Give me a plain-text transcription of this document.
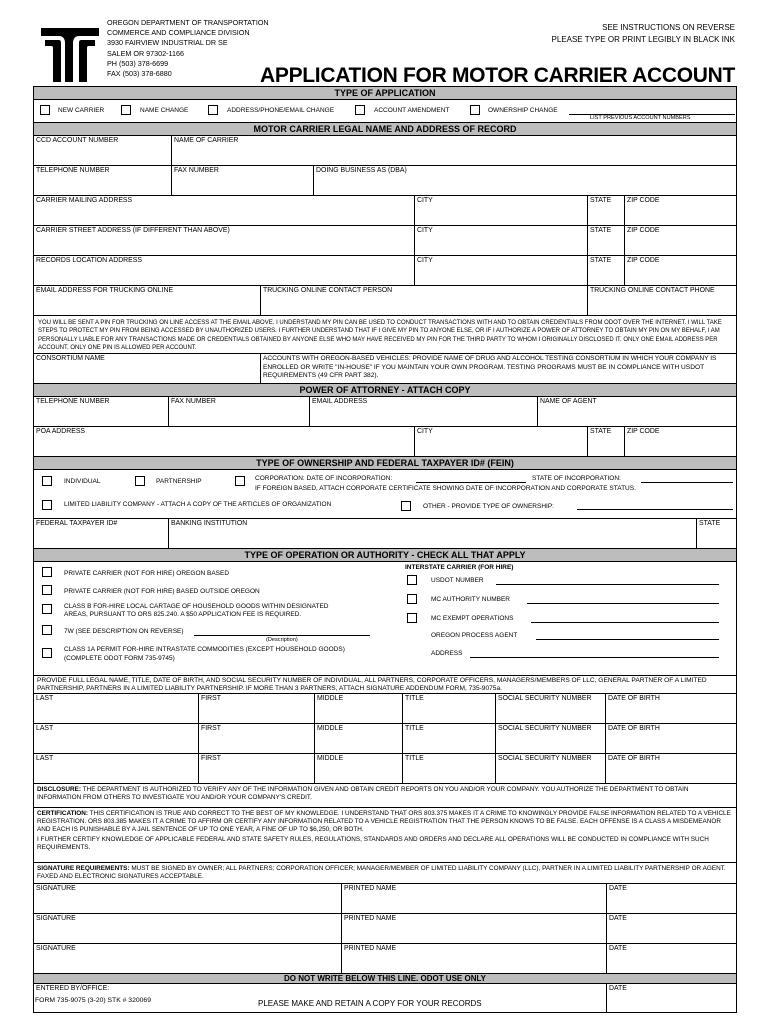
OREGON DEPARTMENT OF TRANSPORTATION
COMMERCE AND COMPLIANCE DIVISION
3930 FAIRVIEW INDUSTRIAL DR SE
SALEM OR 97302-1166
PH (503) 378-6699
FAX (503) 378-6880
SEE INSTRUCTIONS ON REVERSE
PLEASE TYPE OR PRINT LEGIBLY IN BLACK INK
APPLICATION FOR MOTOR CARRIER ACCOUNT
TYPE OF APPLICATION
NEW CARRIER	NAME CHANGE	ADDRESS/PHONE/EMAIL CHANGE	ACCOUNT AMENDMENT	OWNERSHIP CHANGE
LIST PREVIOUS ACCOUNT NUMBERS
MOTOR CARRIER LEGAL NAME AND ADDRESS OF RECORD
CCD ACCOUNT NUMBER	NAME OF CARRIER
TELEPHONE NUMBER	FAX NUMBER	DOING BUSINESS AS (DBA)
CARRIER MAILING ADDRESS	CITY	STATE	ZIP CODE
CARRIER STREET ADDRESS (IF DIFFERENT THAN ABOVE)	CITY	STATE	ZIP CODE
RECORDS LOCATION ADDRESS	CITY	STATE	ZIP CODE
EMAIL ADDRESS FOR TRUCKING ONLINE	TRUCKING ONLINE CONTACT PERSON	TRUCKING ONLINE CONTACT PHONE
YOU WILL BE SENT A PIN FOR TRUCKING ON LINE ACCESS AT THE EMAIL ABOVE. I UNDERSTAND MY PIN CAN BE USED TO CONDUCT TRANSACTIONS WITH AND TO OBTAIN CREDENTIALS FROM ODOT OVER THE INTERNET. I WILL TAKE STEPS TO PROTECT MY PIN FROM BEING ACCESSED BY UNAUTHORIZED USERS. I FURTHER UNDERSTAND THAT IF I GIVE MY PIN TO ANYONE ELSE, OR IF I AUTHORIZE A POWER OF ATTORNEY TO OBTAIN MY PIN ON MY BEHALF, I AM PERSONALLY LIABLE FOR ANY TRANSACTIONS MADE OR CREDENTIALS OBTAINED BY ANYONE ELSE WHO MAY HAVE RECEIVED MY PIN FOR THE THIRD PARTY TO WHOM I ORIGINALLY DISCLOSED IT. ONLY ONE EMAIL ADDRESS PER ACCOUNT. ONLY ONE PIN IS ALLOWED PER ACCOUNT.
CONSORTIUM NAME	ACCOUNTS WITH OREGON-BASED VEHICLES: PROVIDE NAME OF DRUG AND ALCOHOL TESTING CONSORTIUM IN WHICH YOUR COMPANY IS ENROLLED OR WRITE "IN-HOUSE" IF YOU MAINTAIN YOUR OWN PROGRAM. TESTING PROGRAMS MUST BE IN COMPLIANCE WITH USDOT REQUIREMENTS (49 CFR PART 382).
POWER OF ATTORNEY - ATTACH COPY
TELEPHONE NUMBER	FAX NUMBER	EMAIL ADDRESS	NAME OF AGENT
POA ADDRESS	CITY	STATE	ZIP CODE
TYPE OF OWNERSHIP AND FEDERAL TAXPAYER ID# (FEIN)
INDIVIDUAL	PARTNERSHIP	CORPORATION: DATE OF INCORPORATION:	STATE OF INCORPORATION:
IF FOREIGN BASED, ATTACH CORPORATE CERTIFICATE SHOWING DATE OF INCORPORATION AND CORPORATE STATUS.
LIMITED LIABILITY COMPANY - ATTACH A COPY OF THE ARTICLES OF ORGANIZATION	OTHER - PROVIDE TYPE OF OWNERSHIP:
FEDERAL TAXPAYER ID#	BANKING INSTITUTION	STATE
TYPE OF OPERATION OR AUTHORITY - CHECK ALL THAT APPLY
PRIVATE CARRIER (NOT FOR HIRE) OREGON BASED
PRIVATE CARRIER (NOT FOR HIRE) BASED OUTSIDE OREGON
CLASS B FOR-HIRE LOCAL CARTAGE OF HOUSEHOLD GOODS WITHIN DESIGNATED
AREAS, PURSUANT TO ORS 825.240. A $50 APPLICATION FEE IS REQUIRED.
7W (SEE DESCRIPTION ON REVERSE)
(Description)
CLASS 1A PERMIT FOR-HIRE INTRASTATE COMMODITIES (EXCEPT HOUSEHOLD GOODS)
(COMPLETE ODOT FORM 735-9745)
INTERSTATE CARRIER (FOR HIRE)
USDOT NUMBER
MC AUTHORITY NUMBER
MC EXEMPT OPERATIONS
OREGON PROCESS AGENT
ADDRESS
PROVIDE FULL LEGAL NAME, TITLE, DATE OF BIRTH, AND SOCIAL SECURITY NUMBER OF INDIVIDUAL, ALL PARTNERS, CORPORATE OFFICERS, MANAGERS/MEMBERS OF LLC, GENERAL PARTNER OF A LIMITED PARTNERSHIP, PARTNERS IN A LIMITED LIABILITY PARTNERSHIP. IF MORE THAN 3 PARTNERS, ATTACH SIGNATURE ADDENDUM FORM, 735-9075a.
LAST	FIRST	MIDDLE	TITLE	SOCIAL SECURITY NUMBER	DATE OF BIRTH
LAST	FIRST	MIDDLE	TITLE	SOCIAL SECURITY NUMBER	DATE OF BIRTH
LAST	FIRST	MIDDLE	TITLE	SOCIAL SECURITY NUMBER	DATE OF BIRTH
DISCLOSURE: THE DEPARTMENT IS AUTHORIZED TO VERIFY ANY OF THE INFORMATION GIVEN AND OBTAIN CREDIT REPORTS ON YOU AND/OR YOUR COMPANY. YOU AUTHORIZE THE DEPARTMENT TO OBTAIN INFORMATION FROM OTHERS TO INVESTIGATE YOU AND/OR YOUR COMPANY'S CREDIT.
CERTIFICATION: THIS CERTIFICATION IS TRUE AND CORRECT TO THE BEST OF MY KNOWLEDGE. I UNDERSTAND THAT ORS 803.375 MAKES IT A CRIME TO KNOWINGLY PROVIDE FALSE INFORMATION RELATED TO A VEHICLE REGISTRATION. ORS 803.385 MAKES IT A CRIME TO AFFIRM OR CERTIFY ANY INFORMATION RELATED TO A VEHICLE REGISTRATION THAT THE PERSON KNOWS TO BE FALSE. EACH OFFENSE IS A CLASS A MISDEMEANOR AND EACH IS PUNISHABLE BY A JAIL SENTENCE OF UP TO ONE YEAR, A FINE OF UP TO $6,250, OR BOTH.
I FURTHER CERTIFY KNOWLEDGE OF APPLICABLE FEDERAL AND STATE SAFETY RULES, REGULATIONS, STANDARDS AND ORDERS AND DECLARE ALL OPERATIONS WILL BE CONDUCTED IN COMPLIANCE WITH SUCH REQUIREMENTS.
SIGNATURE REQUIREMENTS: MUST BE SIGNED BY OWNER; ALL PARTNERS; CORPORATION OFFICER; MANAGER/MEMBER OF LIMITED LIABILITY COMPANY (LLC), PARTNER IN A LIMITED LIABILITY PARTNERSHIP OR AGENT. FAXED AND ELECTRONIC SIGNATURES ACCEPTABLE.
SIGNATURE	PRINTED NAME	DATE
SIGNATURE	PRINTED NAME	DATE
SIGNATURE	PRINTED NAME	DATE
DO NOT WRITE BELOW THIS LINE. ODOT USE ONLY
ENTERED BY/OFFICE:	DATE
FORM 735-9075 (3-20) STK # 320069	PLEASE MAKE AND RETAIN A COPY FOR YOUR RECORDS
